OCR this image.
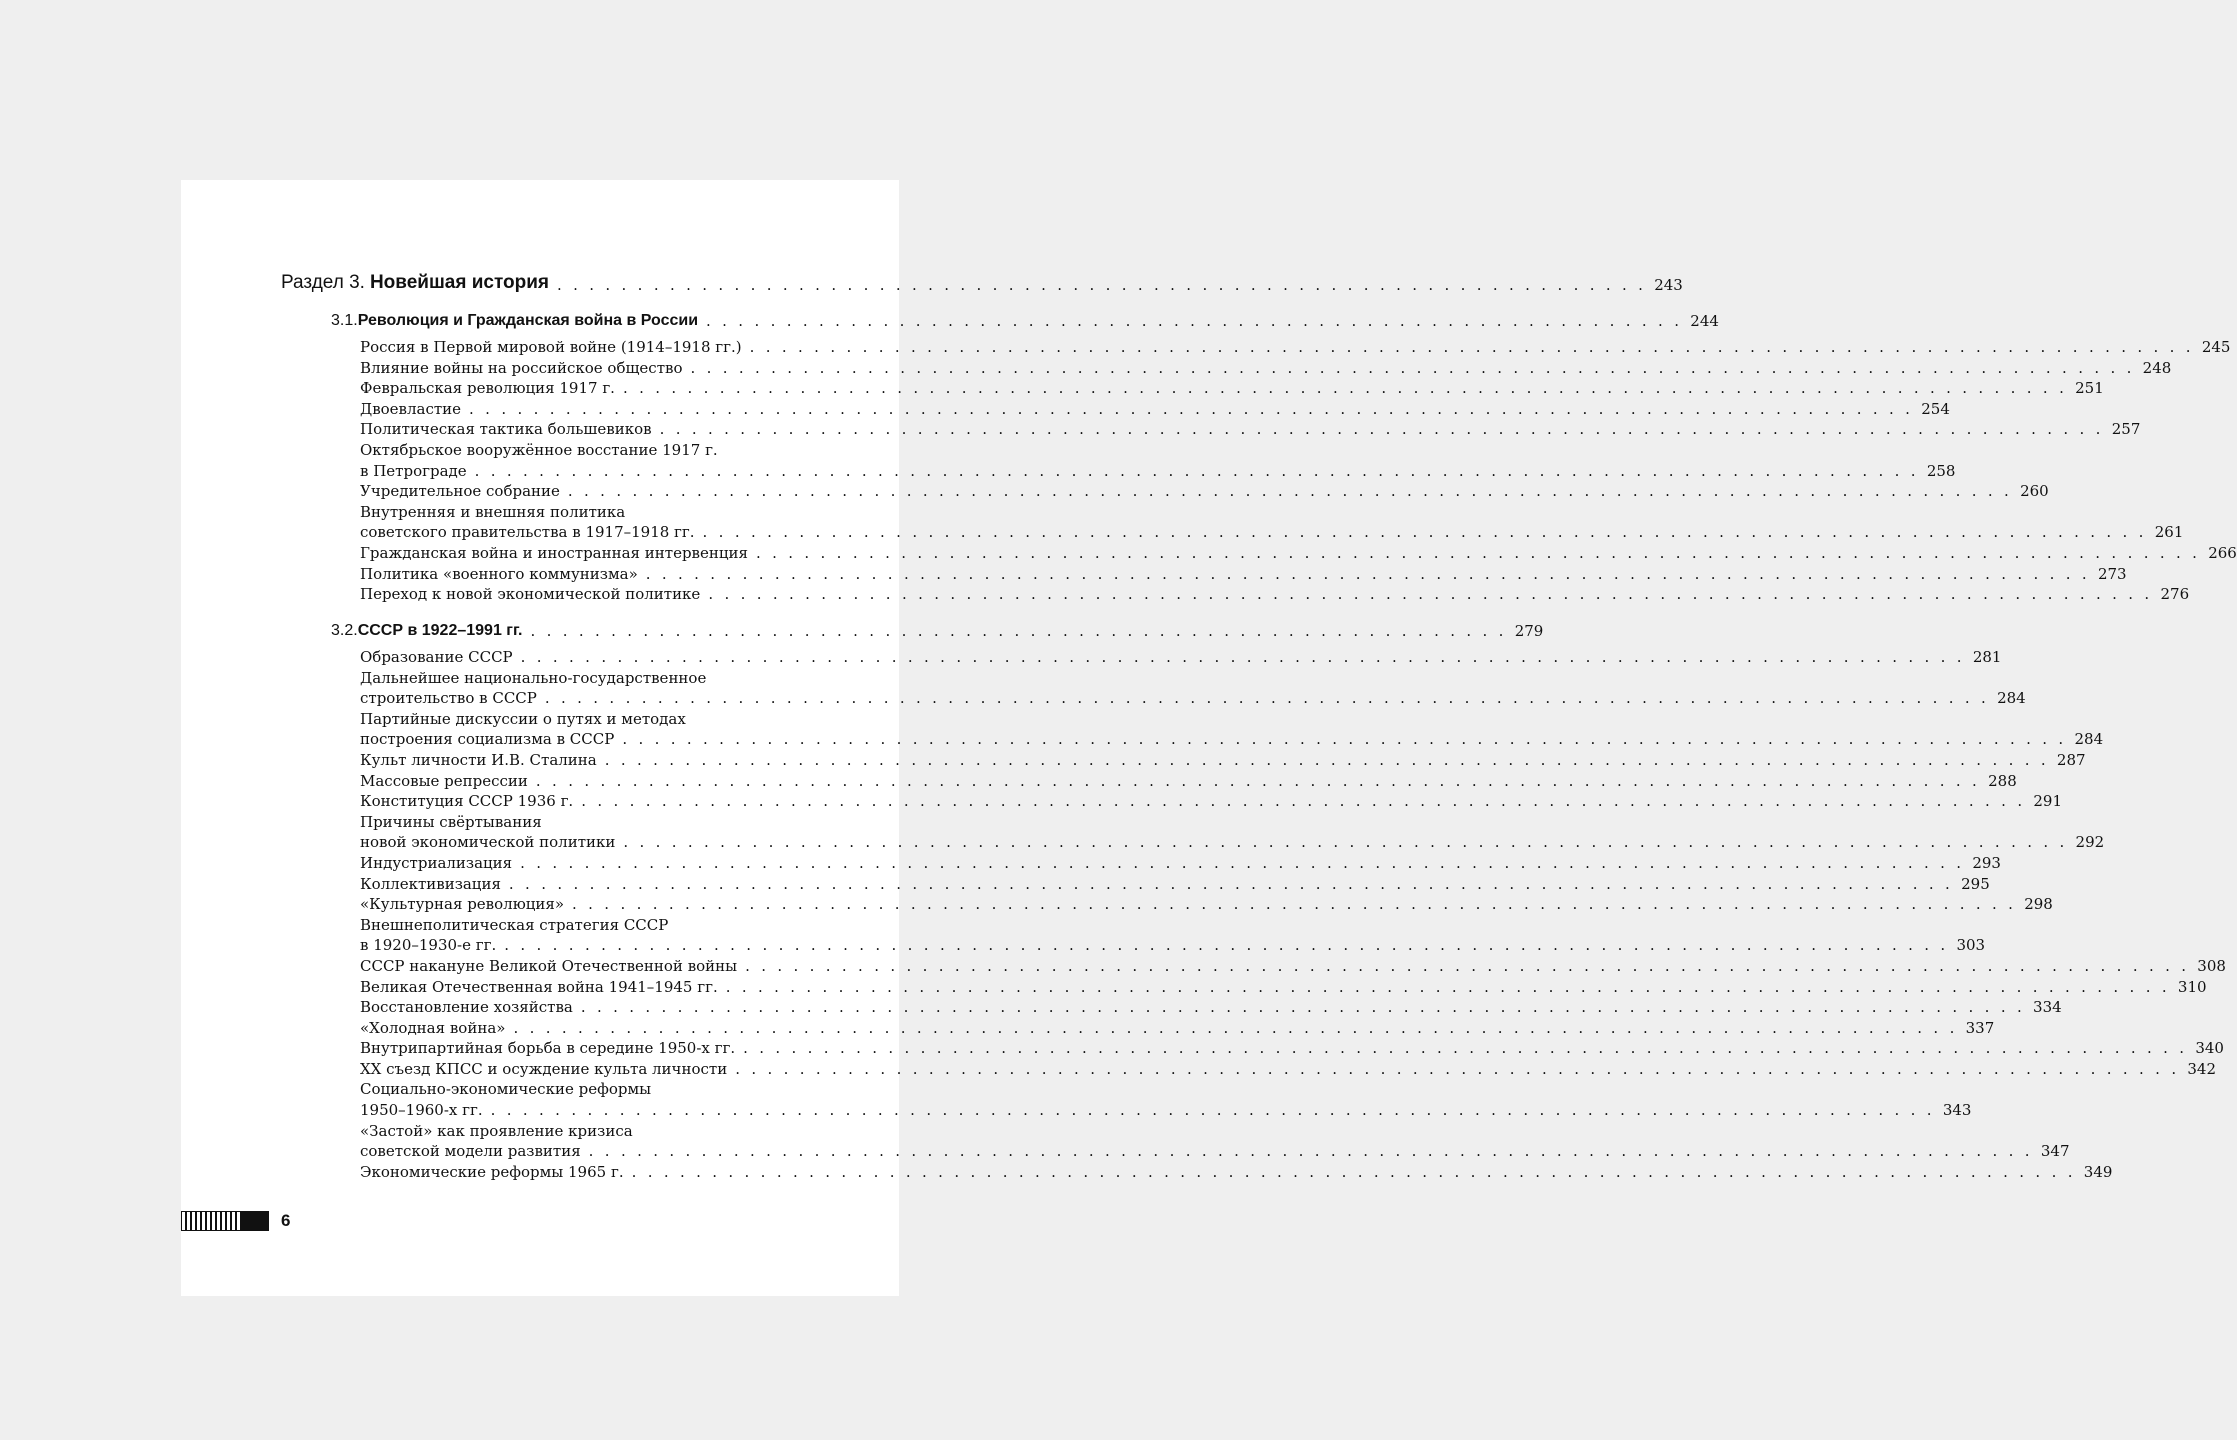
Раздел 3. Новейшая история . . . . . . . . . . . . . . . . . . . . . . . . . . . . . . . . . . . . . . . . . . . . . . . . . . . . . . . . . . . . . . . . . . . . 243
3.1. Революция и Гражданская война в России . . . . . . . . . . . . . . . . . . . . . . . . . . . . . . . . . . . . . . . . . . . . . . . . . . . . . . . . . . . . . 244
Россия в Первой мировой войне (1914–1918 гг.) . . . . . . . . . . . . . . . . . . . . . . . . . . . . . . . . . . . . . . . . . . . . . . . . . . . . . . . . . . . . . . . . . . . . . . . . . . . . . . . . . . . . . . . . . . 245
Влияние войны на российское общество . . . . . . . . . . . . . . . . . . . . . . . . . . . . . . . . . . . . . . . . . . . . . . . . . . . . . . . . . . . . . . . . . . . . . . . . . . . . . . . . . . . . . . . . . . 248
Февральская революция 1917 г. . . . . . . . . . . . . . . . . . . . . . . . . . . . . . . . . . . . . . . . . . . . . . . . . . . . . . . . . . . . . . . . . . . . . . . . . . . . . . . . . . . . . . . . . . . 251
Двоевластие . . . . . . . . . . . . . . . . . . . . . . . . . . . . . . . . . . . . . . . . . . . . . . . . . . . . . . . . . . . . . . . . . . . . . . . . . . . . . . . . . . . . . . . . . . 254
Политическая тактика большевиков . . . . . . . . . . . . . . . . . . . . . . . . . . . . . . . . . . . . . . . . . . . . . . . . . . . . . . . . . . . . . . . . . . . . . . . . . . . . . . . . . . . . . . . . . . 257
Октябрьское вооружённое восстание 1917 г.
в Петрограде . . . . . . . . . . . . . . . . . . . . . . . . . . . . . . . . . . . . . . . . . . . . . . . . . . . . . . . . . . . . . . . . . . . . . . . . . . . . . . . . . . . . . . . . . . 258
Учредительное собрание . . . . . . . . . . . . . . . . . . . . . . . . . . . . . . . . . . . . . . . . . . . . . . . . . . . . . . . . . . . . . . . . . . . . . . . . . . . . . . . . . . . . . . . . . . 260
Внутренняя и внешняя политика
советского правительства в 1917–1918 гг. . . . . . . . . . . . . . . . . . . . . . . . . . . . . . . . . . . . . . . . . . . . . . . . . . . . . . . . . . . . . . . . . . . . . . . . . . . . . . . . . . . . . . . . . . . 261
Гражданская война и иностранная интервенция . . . . . . . . . . . . . . . . . . . . . . . . . . . . . . . . . . . . . . . . . . . . . . . . . . . . . . . . . . . . . . . . . . . . . . . . . . . . . . . . . . . . . . . . . . 266
Политика «военного коммунизма» . . . . . . . . . . . . . . . . . . . . . . . . . . . . . . . . . . . . . . . . . . . . . . . . . . . . . . . . . . . . . . . . . . . . . . . . . . . . . . . . . . . . . . . . . . 273
Переход к новой экономической политике . . . . . . . . . . . . . . . . . . . . . . . . . . . . . . . . . . . . . . . . . . . . . . . . . . . . . . . . . . . . . . . . . . . . . . . . . . . . . . . . . . . . . . . . . . 276
3.2. СССР в 1922–1991 гг. . . . . . . . . . . . . . . . . . . . . . . . . . . . . . . . . . . . . . . . . . . . . . . . . . . . . . . . . . . . . . 279
Образование СССР . . . . . . . . . . . . . . . . . . . . . . . . . . . . . . . . . . . . . . . . . . . . . . . . . . . . . . . . . . . . . . . . . . . . . . . . . . . . . . . . . . . . . . . . . . 281
Дальнейшее национально-государственное
строительство в СССР . . . . . . . . . . . . . . . . . . . . . . . . . . . . . . . . . . . . . . . . . . . . . . . . . . . . . . . . . . . . . . . . . . . . . . . . . . . . . . . . . . . . . . . . . . 284
Партийные дискуссии о путях и методах
построения социализма в СССР . . . . . . . . . . . . . . . . . . . . . . . . . . . . . . . . . . . . . . . . . . . . . . . . . . . . . . . . . . . . . . . . . . . . . . . . . . . . . . . . . . . . . . . . . . 284
Культ личности И.В. Сталина . . . . . . . . . . . . . . . . . . . . . . . . . . . . . . . . . . . . . . . . . . . . . . . . . . . . . . . . . . . . . . . . . . . . . . . . . . . . . . . . . . . . . . . . . . 287
Массовые репрессии . . . . . . . . . . . . . . . . . . . . . . . . . . . . . . . . . . . . . . . . . . . . . . . . . . . . . . . . . . . . . . . . . . . . . . . . . . . . . . . . . . . . . . . . . . 288
Конституция СССР 1936 г. . . . . . . . . . . . . . . . . . . . . . . . . . . . . . . . . . . . . . . . . . . . . . . . . . . . . . . . . . . . . . . . . . . . . . . . . . . . . . . . . . . . . . . . . . . 291
Причины свёртывания
новой экономической политики . . . . . . . . . . . . . . . . . . . . . . . . . . . . . . . . . . . . . . . . . . . . . . . . . . . . . . . . . . . . . . . . . . . . . . . . . . . . . . . . . . . . . . . . . . 292
Индустриализация . . . . . . . . . . . . . . . . . . . . . . . . . . . . . . . . . . . . . . . . . . . . . . . . . . . . . . . . . . . . . . . . . . . . . . . . . . . . . . . . . . . . . . . . . . 293
Коллективизация . . . . . . . . . . . . . . . . . . . . . . . . . . . . . . . . . . . . . . . . . . . . . . . . . . . . . . . . . . . . . . . . . . . . . . . . . . . . . . . . . . . . . . . . . . 295
«Культурная революция» . . . . . . . . . . . . . . . . . . . . . . . . . . . . . . . . . . . . . . . . . . . . . . . . . . . . . . . . . . . . . . . . . . . . . . . . . . . . . . . . . . . . . . . . . . 298
Внешнеполитическая стратегия СССР
в 1920–1930-е гг. . . . . . . . . . . . . . . . . . . . . . . . . . . . . . . . . . . . . . . . . . . . . . . . . . . . . . . . . . . . . . . . . . . . . . . . . . . . . . . . . . . . . . . . . . . 303
СССР накануне Великой Отечественной войны . . . . . . . . . . . . . . . . . . . . . . . . . . . . . . . . . . . . . . . . . . . . . . . . . . . . . . . . . . . . . . . . . . . . . . . . . . . . . . . . . . . . . . . . . . 308
Великая Отечественная война 1941–1945 гг. . . . . . . . . . . . . . . . . . . . . . . . . . . . . . . . . . . . . . . . . . . . . . . . . . . . . . . . . . . . . . . . . . . . . . . . . . . . . . . . . . . . . . . . . . . 310
Восстановление хозяйства . . . . . . . . . . . . . . . . . . . . . . . . . . . . . . . . . . . . . . . . . . . . . . . . . . . . . . . . . . . . . . . . . . . . . . . . . . . . . . . . . . . . . . . . . . 334
«Холодная война» . . . . . . . . . . . . . . . . . . . . . . . . . . . . . . . . . . . . . . . . . . . . . . . . . . . . . . . . . . . . . . . . . . . . . . . . . . . . . . . . . . . . . . . . . . 337
Внутрипартийная борьба в середине 1950-х гг. . . . . . . . . . . . . . . . . . . . . . . . . . . . . . . . . . . . . . . . . . . . . . . . . . . . . . . . . . . . . . . . . . . . . . . . . . . . . . . . . . . . . . . . . . . 340
XX съезд КПСС и осуждение культа личности . . . . . . . . . . . . . . . . . . . . . . . . . . . . . . . . . . . . . . . . . . . . . . . . . . . . . . . . . . . . . . . . . . . . . . . . . . . . . . . . . . . . . . . . . . 342
Социально-экономические реформы
1950–1960-х гг. . . . . . . . . . . . . . . . . . . . . . . . . . . . . . . . . . . . . . . . . . . . . . . . . . . . . . . . . . . . . . . . . . . . . . . . . . . . . . . . . . . . . . . . . . . 343
«Застой» как проявление кризиса
советской модели развития . . . . . . . . . . . . . . . . . . . . . . . . . . . . . . . . . . . . . . . . . . . . . . . . . . . . . . . . . . . . . . . . . . . . . . . . . . . . . . . . . . . . . . . . . . 347
Экономические реформы 1965 г. . . . . . . . . . . . . . . . . . . . . . . . . . . . . . . . . . . . . . . . . . . . . . . . . . . . . . . . . . . . . . . . . . . . . . . . . . . . . . . . . . . . . . . . . . . 349
6
